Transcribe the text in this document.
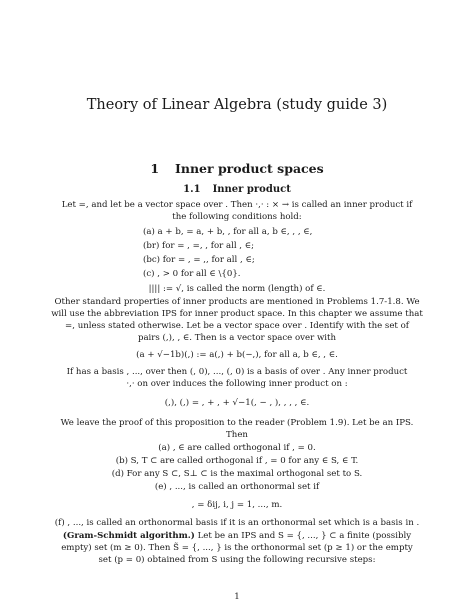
Theory of Linear Algebra (study guide 3)
1 Inner product spaces
1.1 Inner product
Let =, and let be a vector space over . Then ·,· : × → is called an inner product if
the following conditions hold:
(a) a + b, = a, + b, , for all a, b ∈, , , ∈,
(br) for = , =, , for all , ∈;
(bc) for = , = ,, for all , ∈;
(c) , > 0 for all ∈ \{0}.
|||| := √, is called the norm (length) of ∈.
Other standard properties of inner products are mentioned in Problems 1.7-1.8. We
will use the abbreviation IPS for inner product space. In this chapter we assume that
=, unless stated otherwise. Let be a vector space over . Identify with the set of
pairs (,), , ∈. Then is a vector space over with
(a + √−1b)(,) := a(,) + b(−,), for all a, b ∈, , ∈.
If has a basis , ..., over then (, 0), ..., (, 0) is a basis of over . Any inner product
·,· on over induces the following inner product on :
(,), (,) = , + , + √−1(, − , ), , , , ∈.
We leave the proof of this proposition to the reader (Problem 1.9). Let be an IPS.
Then
(a) , ∈ are called orthogonal if , = 0.
(b) S, T ⊂ are called orthogonal if , = 0 for any ∈ S, ∈ T.
(d) For any S ⊂, S⊥ ⊂ is the maximal orthogonal set to S.
(e) , ..., is called an orthonormal set if
, = δij, i, j = 1, ..., m.
(f) , ..., is called an orthonormal basis if it is an orthonormal set which is a basis in .
(Gram-Schmidt algorithm.) Let be an IPS and S = {, ..., } ⊂ a finite (possibly
empty) set (m ≥ 0). Then S̃ = {, ..., } is the orthonormal set (p ≥ 1) or the empty
set (p = 0) obtained from S using the following recursive steps:
1
